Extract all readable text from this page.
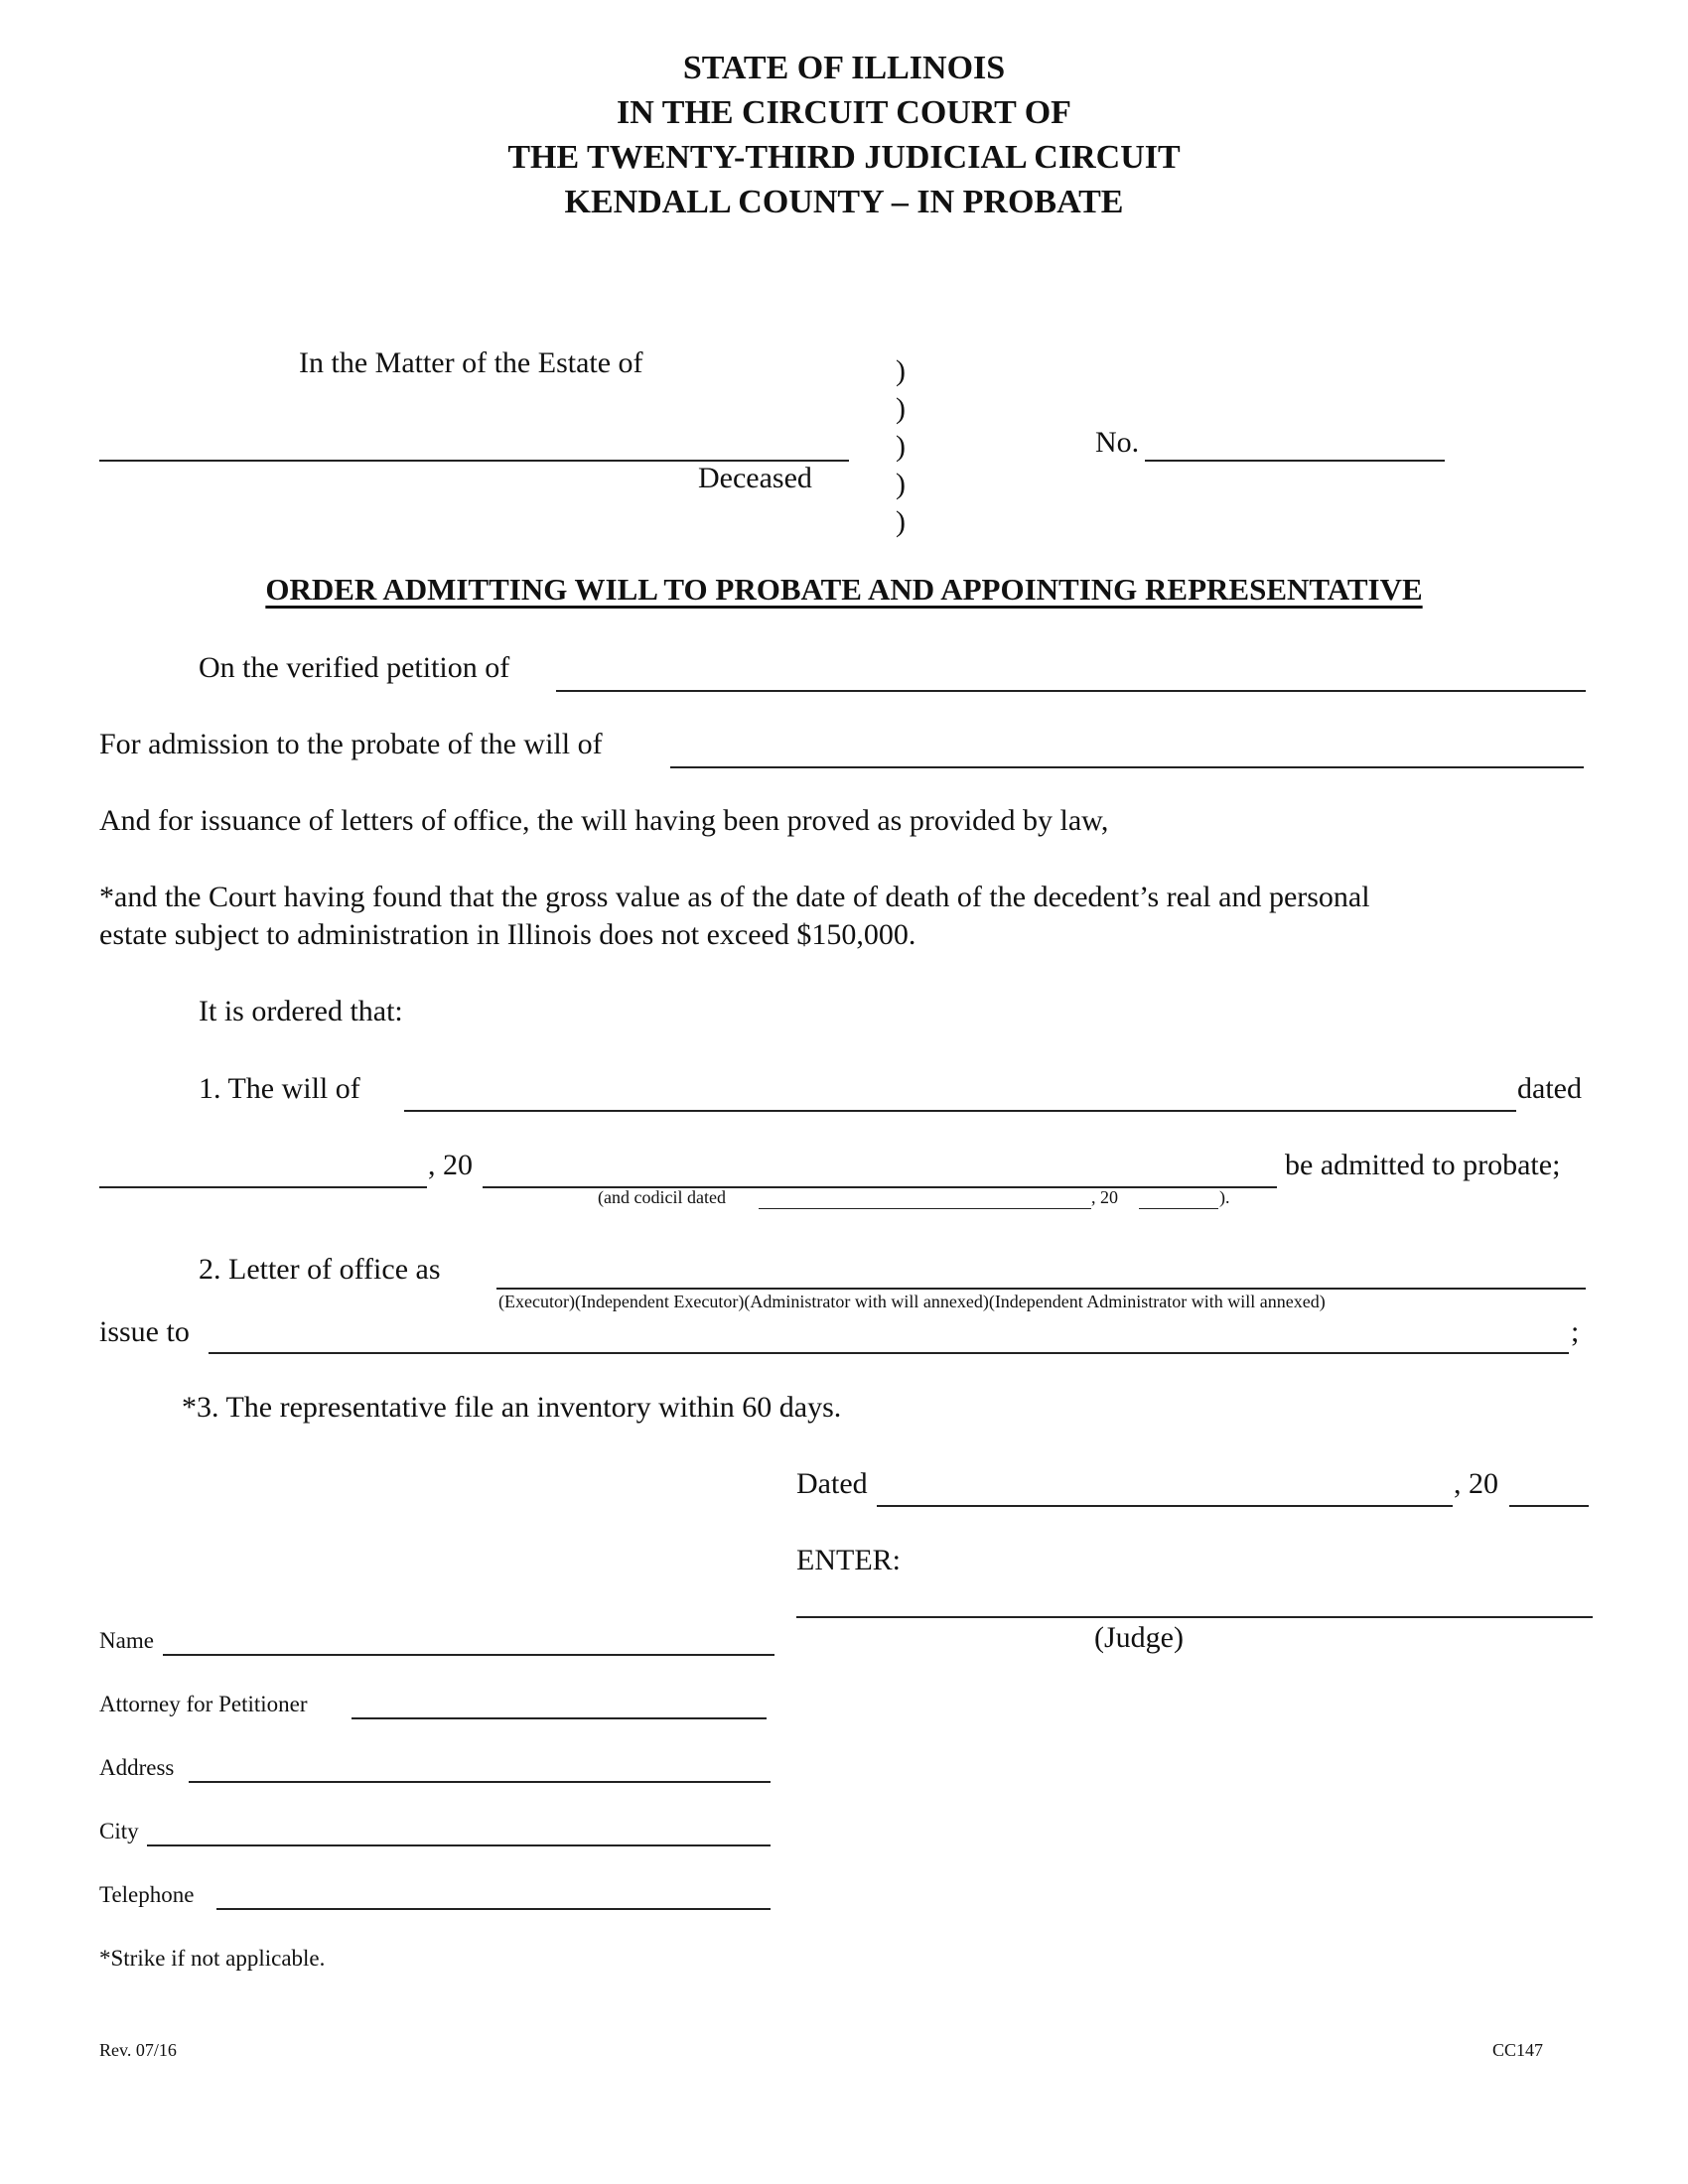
STATE OF ILLINOIS
IN THE CIRCUIT COURT OF
THE TWENTY-THIRD JUDICIAL CIRCUIT
KENDALL COUNTY – IN PROBATE
In the Matter of the Estate of
Deceased
)
)
)
)
)
No.
ORDER ADMITTING WILL TO PROBATE AND APPOINTING REPRESENTATIVE
On the verified petition of
For admission to the probate of the will of
And for issuance of letters of office, the will having been proved as provided by law,
*and the Court having found that the gross value as of the date of death of the decedent’s real and personal
estate subject to administration in Illinois does not exceed $150,000.
It is ordered that:
1. The will of	dated
, 20	be admitted to probate;
(and codicil dated	, 20	).
2. Letter of office as
(Executor)(Independent Executor)(Administrator with will annexed)(Independent Administrator with will annexed)
issue to	;
*3. The representative file an inventory within 60 days.
Dated	, 20
ENTER:
(Judge)
Name
Attorney for Petitioner
Address
City
Telephone
*Strike if not applicable.
Rev. 07/16	CC147
